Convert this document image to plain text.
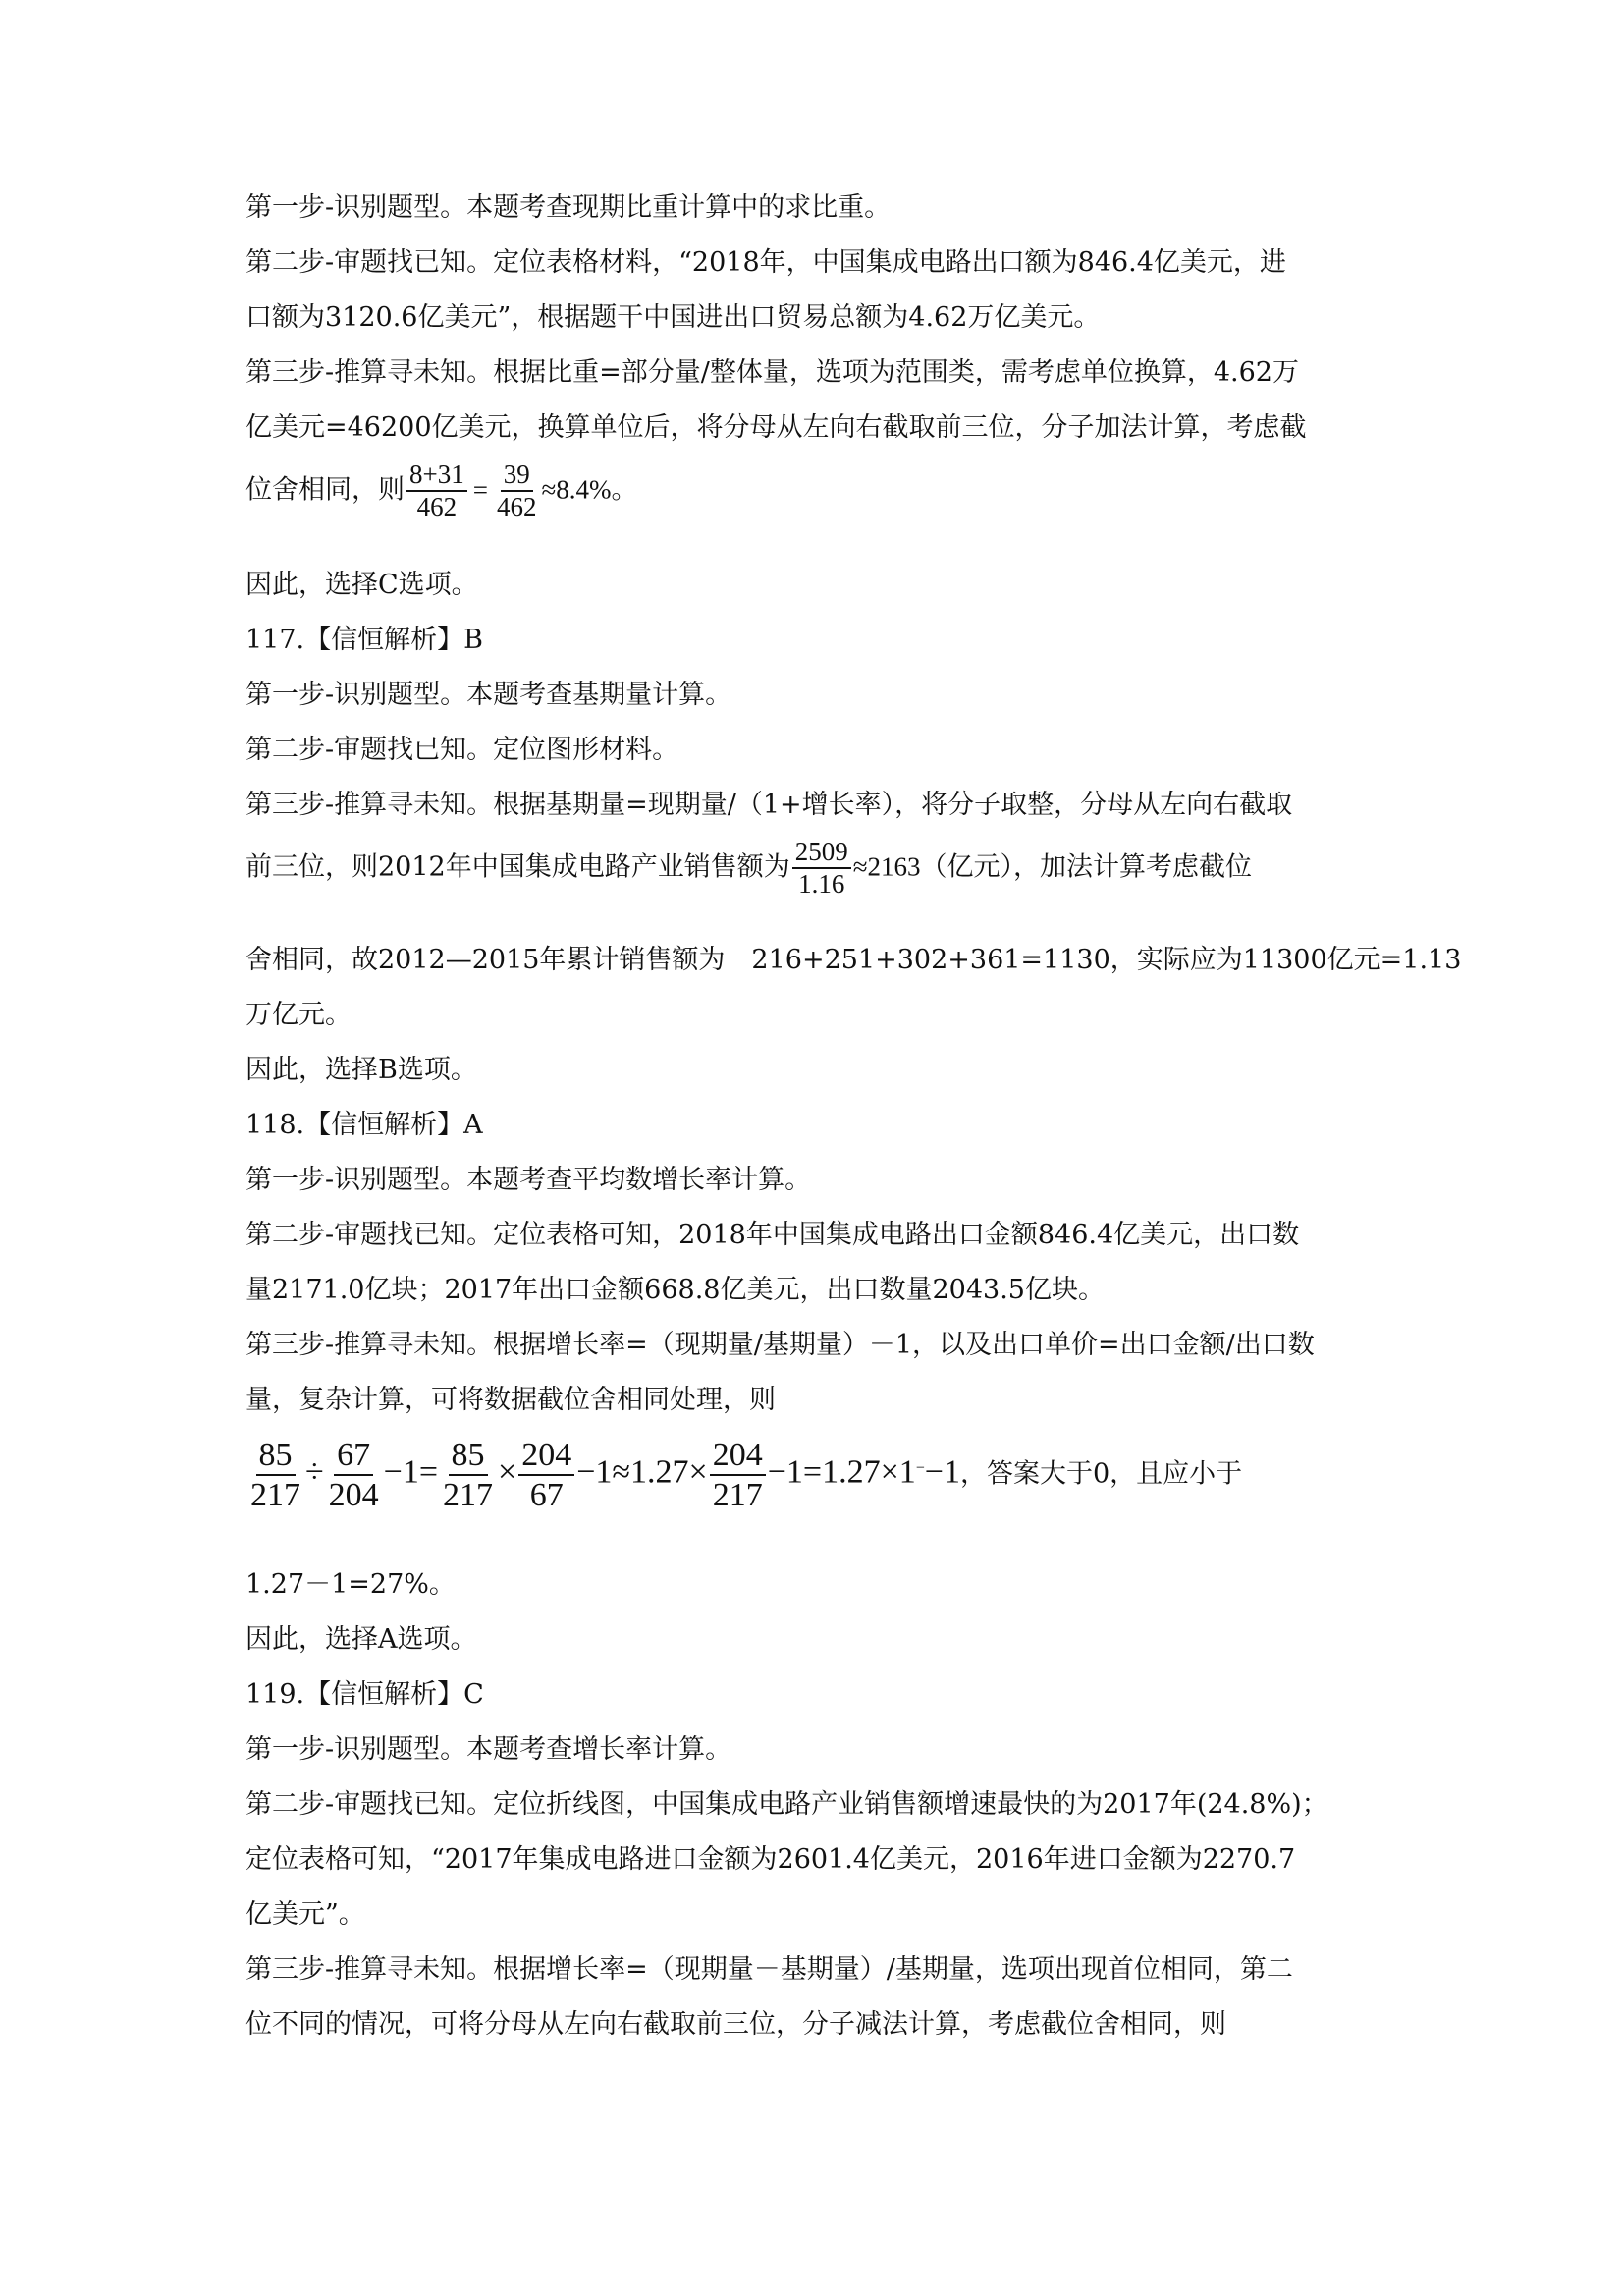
第一步-识别题型。本题考查现期比重计算中的求比重。
第二步-审题找已知。定位表格材料，“2018年，中国集成电路出口额为846.4亿美元，进
口额为3120.6亿美元”，根据题干中国进出口贸易总额为4.62万亿美元。
第三步-推算寻未知。根据比重=部分量/整体量，选项为范围类，需考虑单位换算，4.62万
亿美元=46200亿美元，换算单位后，将分母从左向右截取前三位，分子加法计算，考虑截
位舍相同，则 $\frac{8+31}{462} = \frac{39}{462} \approx 8.4\%$。
因此，选择C选项。
117.【信恒解析】B
第一步-识别题型。本题考查基期量计算。
第二步-审题找已知。定位图形材料。
第三步-推算寻未知。根据基期量=现期量/（1+增长率），将分子取整，分母从左向右截取
前三位，则2012年中国集成电路产业销售额为 $\frac{2509}{1.16} \approx 2163$（亿元），加法计算考虑截位
舍相同，故2012—2015年累计销售额为　216+251+302+361=1130，实际应为11300亿元=1.13
万亿元。
因此，选择B选项。
118.【信恒解析】A
第一步-识别题型。本题考查平均数增长率计算。
第二步-审题找已知。定位表格可知，2018年中国集成电路出口金额846.4亿美元，出口数
量2171.0亿块；2017年出口金额668.8亿美元，出口数量2043.5亿块。
第三步-推算寻未知。根据增长率=（现期量/基期量）－1，以及出口单价=出口金额/出口数
量，复杂计算，可将数据截位舍相同处理，则
$\frac{85}{217} \div \frac{67}{204} -1= \frac{85}{217} \times \frac{204}{67} -1\approx 1.27\times \frac{204}{217} -1=1.27\times 1^--1$，答案大于0，且应小于
1.27－1=27%。
因此，选择A选项。
119.【信恒解析】C
第一步-识别题型。本题考查增长率计算。
第二步-审题找已知。定位折线图，中国集成电路产业销售额增速最快的为2017年(24.8%)；
定位表格可知，“2017年集成电路进口金额为2601.4亿美元，2016年进口金额为2270.7
亿美元”。
第三步-推算寻未知。根据增长率=（现期量－基期量）/基期量，选项出现首位相同，第二
位不同的情况，可将分母从左向右截取前三位，分子减法计算，考虑截位舍相同，则
